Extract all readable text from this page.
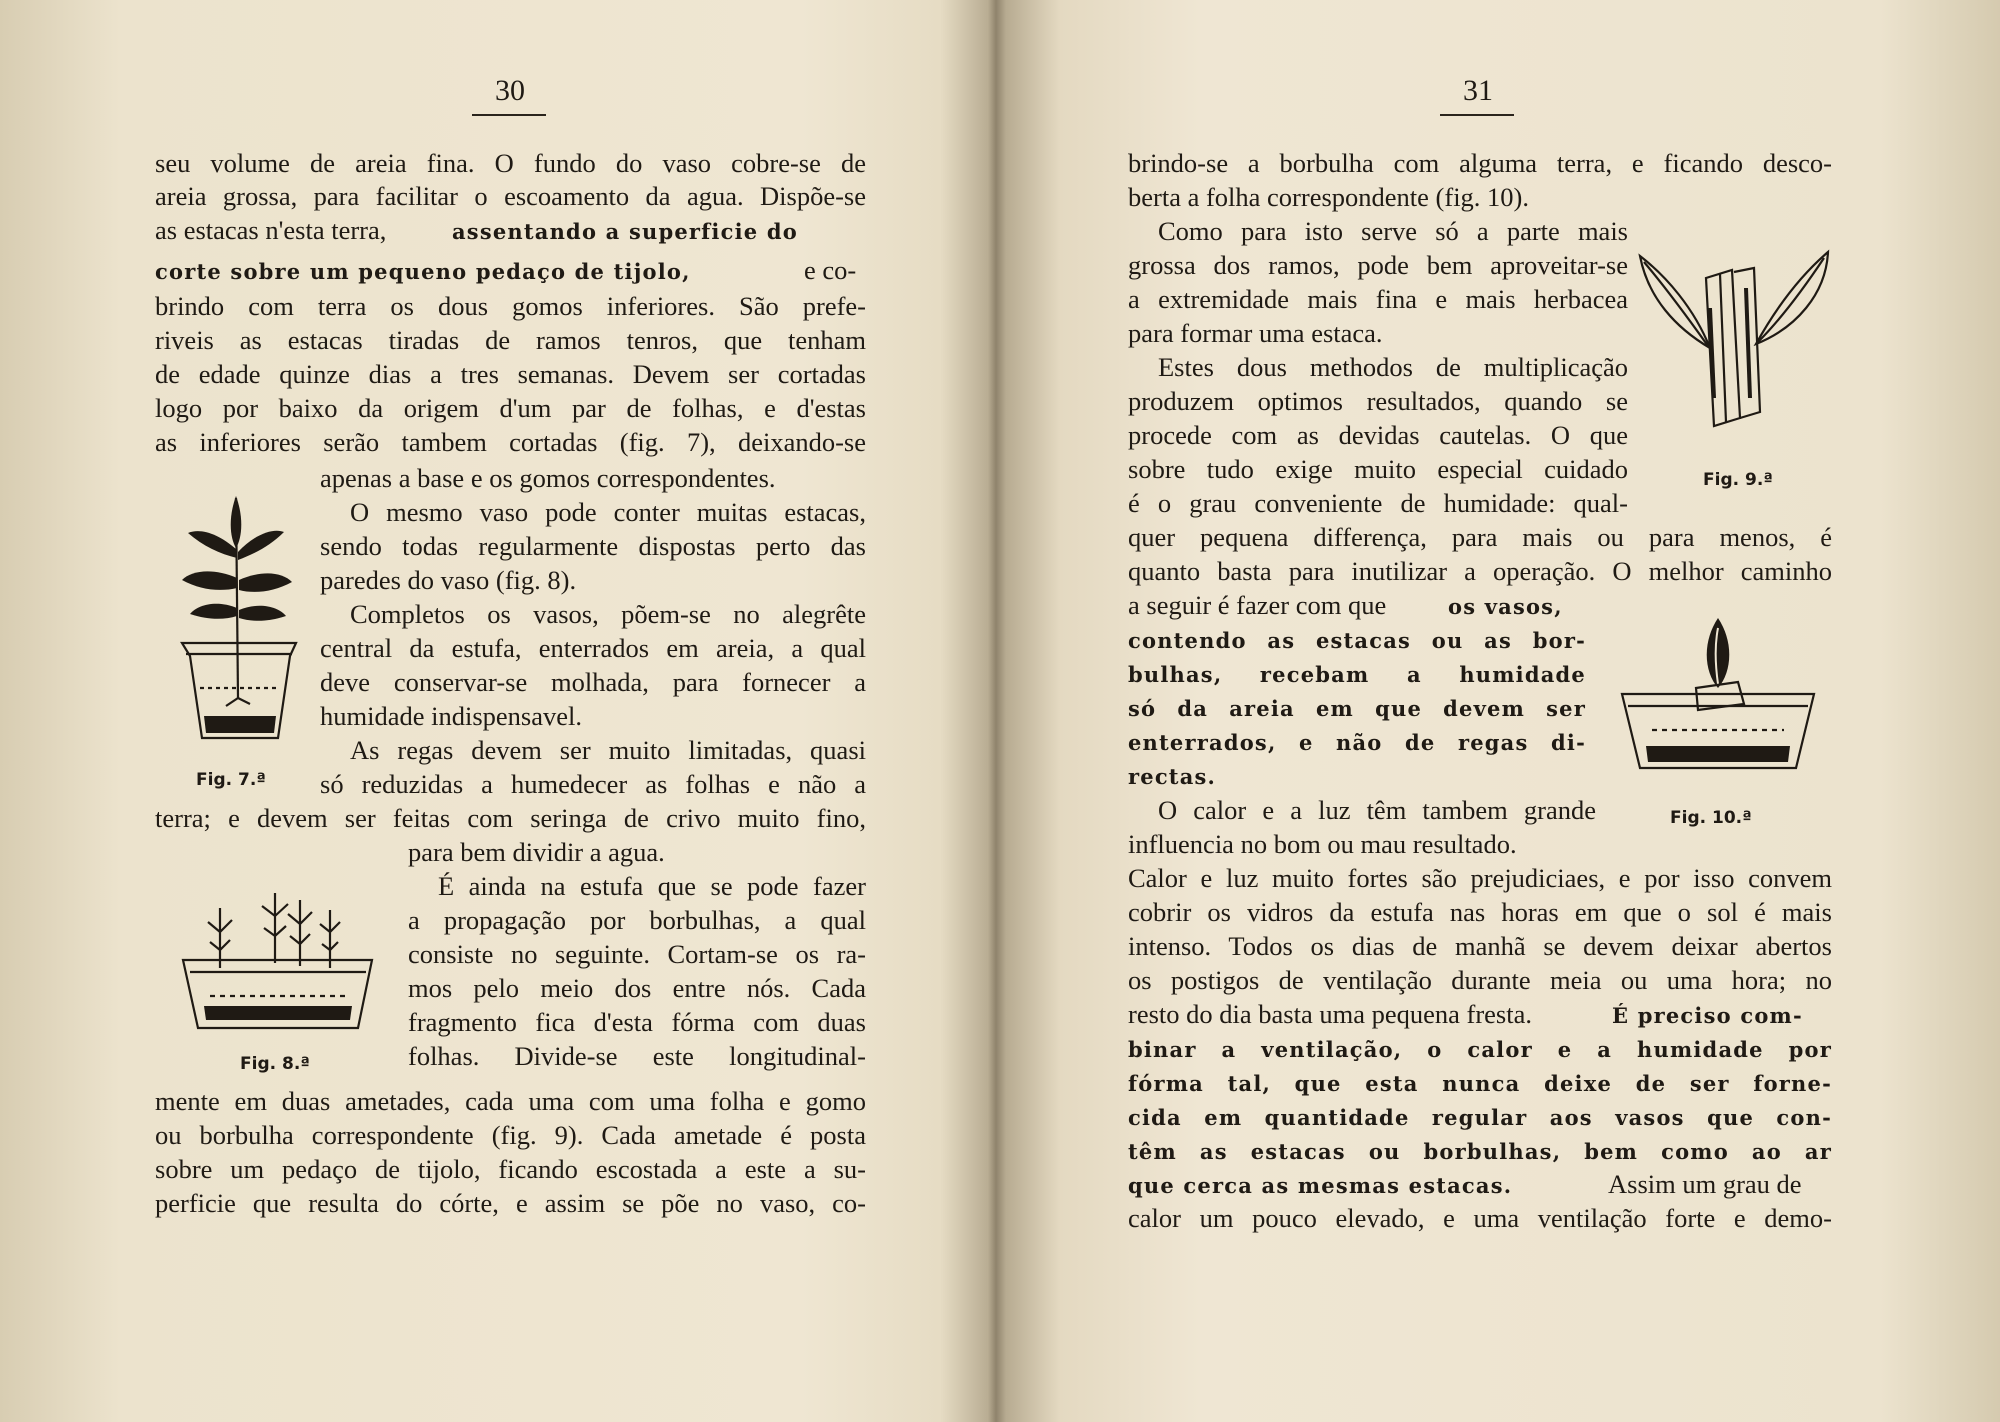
30
seu volume de areia fina. O fundo do vaso cobre-se de
areia grossa, para facilitar o escoamento da agua. Dispõe-se
as estacas n'esta terra,	assentando a superficie do
corte sobre um pequeno pedaço de tijolo,	e co-
brindo com terra os dous gomos inferiores. São prefe-
riveis as estacas tiradas de ramos tenros, que tenham
de edade quinze dias a tres semanas. Devem ser cortadas
logo por baixo da origem d'um par de folhas, e d'estas
as inferiores serão tambem cortadas (fig. 7), deixando-se
apenas a base e os gomos correspondentes.
O mesmo vaso pode conter muitas estacas,
sendo todas regularmente dispostas perto das
paredes do vaso (fig. 8).
Completos os vasos, põem-se no alegrête
central da estufa, enterrados em areia, a qual
deve conservar-se molhada, para fornecer a
humidade indispensavel.
As regas devem ser muito limitadas, quasi
só reduzidas a humedecer as folhas e não a
terra; e devem ser feitas com seringa de crivo muito fino,
para bem dividir a agua.
É ainda na estufa que se pode fazer
a propagação por borbulhas, a qual
consiste no seguinte. Cortam-se os ra-
mos pelo meio dos entre nós. Cada
fragmento fica d'esta fórma com duas
folhas. Divide-se este longitudinal-
mente em duas ametades, cada uma com uma folha e gomo
ou borbulha correspondente (fig. 9). Cada ametade é posta
sobre um pedaço de tijolo, ficando escostada a este a su-
perficie que resulta do córte, e assim se põe no vaso, co-
Fig. 7.ª
Fig. 8.ª
31
brindo-se a borbulha com alguma terra, e ficando desco-
berta a folha correspondente (fig. 10).
Como para isto serve só a parte mais
grossa dos ramos, pode bem aproveitar-se
a extremidade mais fina e mais herbacea
para formar uma estaca.
Estes dous methodos de multiplicação
produzem optimos resultados, quando se
procede com as devidas cautelas. O que
sobre tudo exige muito especial cuidado
é o grau conveniente de humidade: qual-
quer pequena differença, para mais ou para menos, é
quanto basta para inutilizar a operação. O melhor caminho
a seguir é fazer com que	os vasos,
contendo as estacas ou as bor-
bulhas, recebam a humidade
só da areia em que devem ser
enterrados, e não de regas di-
rectas.
O calor e a luz têm tambem grande
influencia no bom ou mau resultado.
Calor e luz muito fortes são prejudiciaes, e por isso convem
cobrir os vidros da estufa nas horas em que o sol é mais
intenso. Todos os dias de manhã se devem deixar abertos
os postigos de ventilação durante meia ou uma hora; no
resto do dia basta uma pequena fresta.	É preciso com-
binar a ventilação, o calor e a humidade por
fórma tal, que esta nunca deixe de ser forne-
cida em quantidade regular aos vasos que con-
têm as estacas ou borbulhas, bem como ao ar
que cerca as mesmas estacas.	Assim um grau de
calor um pouco elevado, e uma ventilação forte e demo-
Fig. 9.ª
Fig. 10.ª
